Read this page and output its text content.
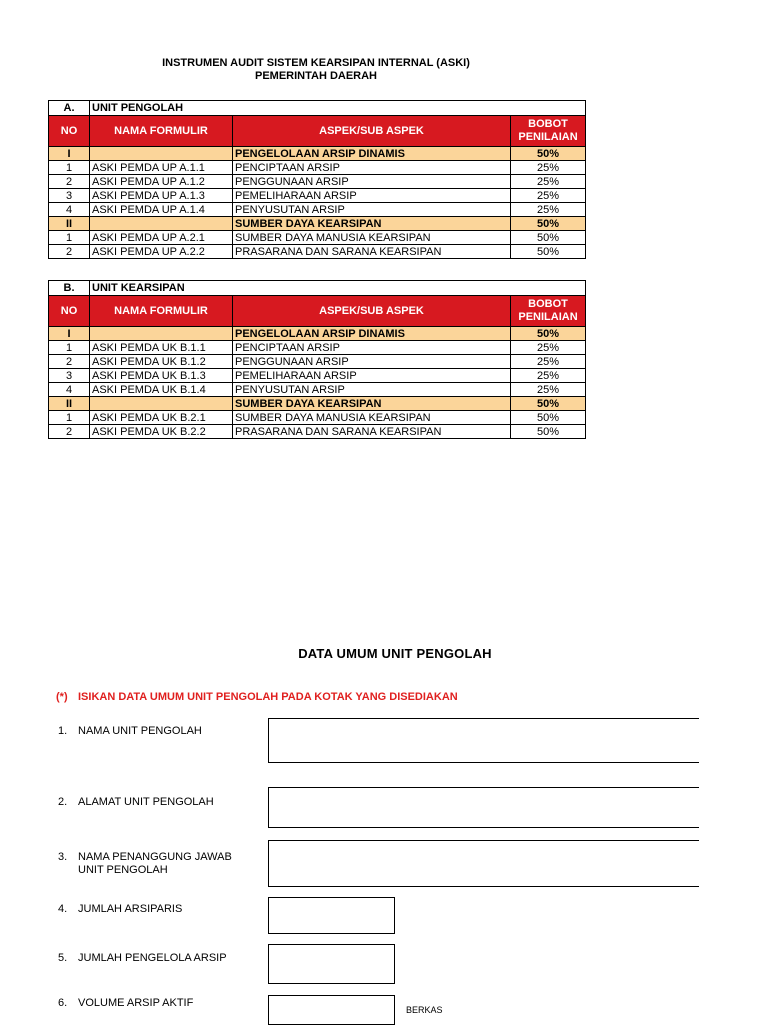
INSTRUMEN AUDIT SISTEM KEARSIPAN INTERNAL (ASKI)
PEMERINTAH DAERAH
A.	UNIT PENGOLAH		
NO	NAMA FORMULIR	ASPEK/SUB ASPEK	BOBOT PENILAIAN
I		PENGELOLAAN ARSIP DINAMIS	50%
1	ASKI PEMDA UP A.1.1	PENCIPTAAN ARSIP	25%
2	ASKI PEMDA UP A.1.2	PENGGUNAAN ARSIP	25%
3	ASKI PEMDA UP A.1.3	PEMELIHARAAN ARSIP	25%
4	ASKI PEMDA UP A.1.4	PENYUSUTAN ARSIP	25%
II		SUMBER DAYA KEARSIPAN	50%
1	ASKI PEMDA UP A.2.1	SUMBER DAYA MANUSIA KEARSIPAN	50%
2	ASKI PEMDA UP A.2.2	PRASARANA DAN SARANA KEARSIPAN	50%
B.	UNIT KEARSIPAN		
NO	NAMA FORMULIR	ASPEK/SUB ASPEK	BOBOT PENILAIAN
I		PENGELOLAAN ARSIP DINAMIS	50%
1	ASKI PEMDA UK B.1.1	PENCIPTAAN ARSIP	25%
2	ASKI PEMDA UK B.1.2	PENGGUNAAN ARSIP	25%
3	ASKI PEMDA UK B.1.3	PEMELIHARAAN ARSIP	25%
4	ASKI PEMDA UK B.1.4	PENYUSUTAN ARSIP	25%
II		SUMBER DAYA KEARSIPAN	50%
1	ASKI PEMDA UK B.2.1	SUMBER DAYA MANUSIA KEARSIPAN	50%
2	ASKI PEMDA UK B.2.2	PRASARANA DAN SARANA KEARSIPAN	50%
DATA UMUM UNIT PENGOLAH
(*) ISIKAN DATA UMUM UNIT PENGOLAH PADA KOTAK YANG DISEDIAKAN
1. NAMA UNIT PENGOLAH
2. ALAMAT UNIT PENGOLAH
3. NAMA PENANGGUNG JAWAB
UNIT PENGOLAH
4. JUMLAH ARSIPARIS
5. JUMLAH PENGELOLA ARSIP
6. VOLUME ARSIP AKTIF
BERKAS
